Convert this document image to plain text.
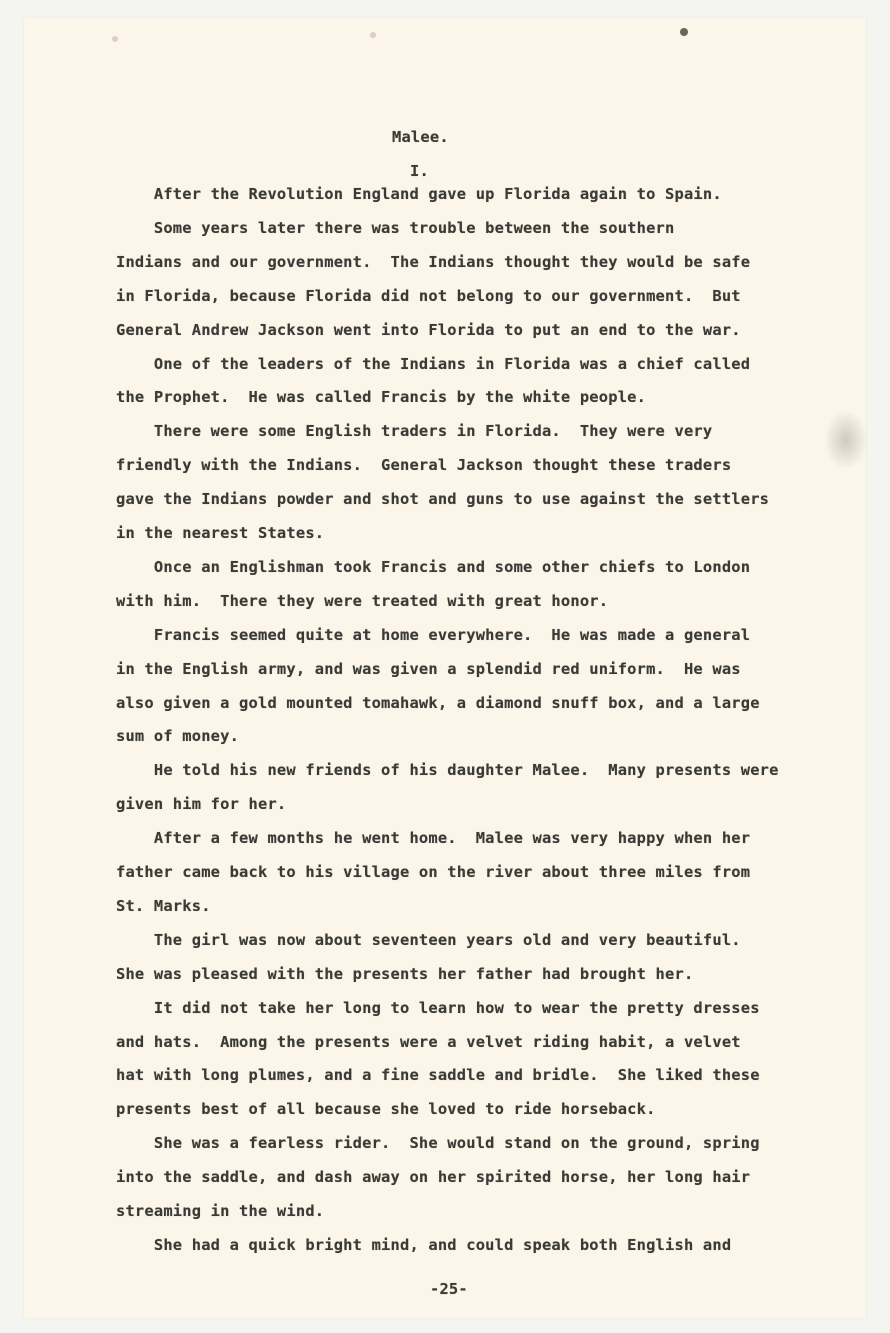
Malee.
I.

After the Revolution England gave up Florida again to Spain.

Some years later there was trouble between the southern

Indians and our government.  The Indians thought they would be safe

in Florida, because Florida did not belong to our government.  But

General Andrew Jackson went into Florida to put an end to the war.

One of the leaders of the Indians in Florida was a chief called

the Prophet.  He was called Francis by the white people.

There were some English traders in Florida.  They were very

friendly with the Indians.  General Jackson thought these traders

gave the Indians powder and shot and guns to use against the settlers

in the nearest States.

Once an Englishman took Francis and some other chiefs to London

with him.  There they were treated with great honor.

Francis seemed quite at home everywhere.  He was made a general

in the English army, and was given a splendid red uniform.  He was

also given a gold mounted tomahawk, a diamond snuff box, and a large

sum of money.

He told his new friends of his daughter Malee.  Many presents were

given him for her.

After a few months he went home.  Malee was very happy when her

father came back to his village on the river about three miles from

St. Marks.

The girl was now about seventeen years old and very beautiful.

She was pleased with the presents her father had brought her.

It did not take her long to learn how to wear the pretty dresses

and hats.  Among the presents were a velvet riding habit, a velvet

hat with long plumes, and a fine saddle and bridle.  She liked these

presents best of all because she loved to ride horseback.

She was a fearless rider.  She would stand on the ground, spring

into the saddle, and dash away on her spirited horse, her long hair

streaming in the wind.

She had a quick bright mind, and could speak both English and

-25-
